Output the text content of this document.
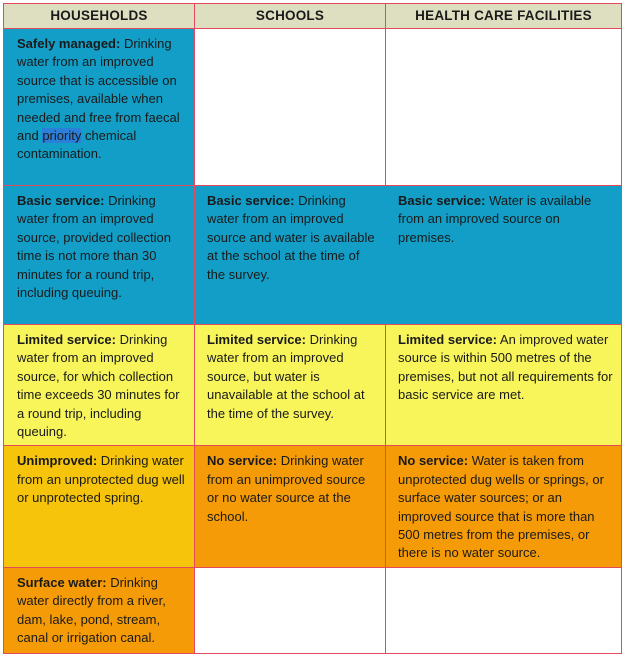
HOUSEHOLDS	SCHOOLS	HEALTH CARE FACILITIES
Safely managed: Drinking water from an improved source that is accessible on premises, available when needed and free from faecal and priority chemical contamination.		
Basic service: Drinking water from an improved source, provided collection time is not more than 30 minutes for a round trip, including queuing.	Basic service: Drinking water from an improved source and water is available at the school at the time of the survey.	Basic service: Water is available from an improved source on premises.
Limited service: Drinking water from an improved source, for which collection time exceeds 30 minutes for a round trip, including queuing.	Limited service: Drinking water from an improved source, but water is unavailable at the school at the time of the survey.	Limited service: An improved water source is within 500 metres of the premises, but not all requirements for basic service are met.
Unimproved: Drinking water from an unprotected dug well or unprotected spring.	No service: Drinking water from an unimproved source or no water source at the school.	No service: Water is taken from unprotected dug wells or springs, or surface water sources; or an improved source that is more than 500 metres from the premises, or there is no water source.
Surface water: Drinking water directly from a river, dam, lake, pond, stream, canal or irrigation canal.		
